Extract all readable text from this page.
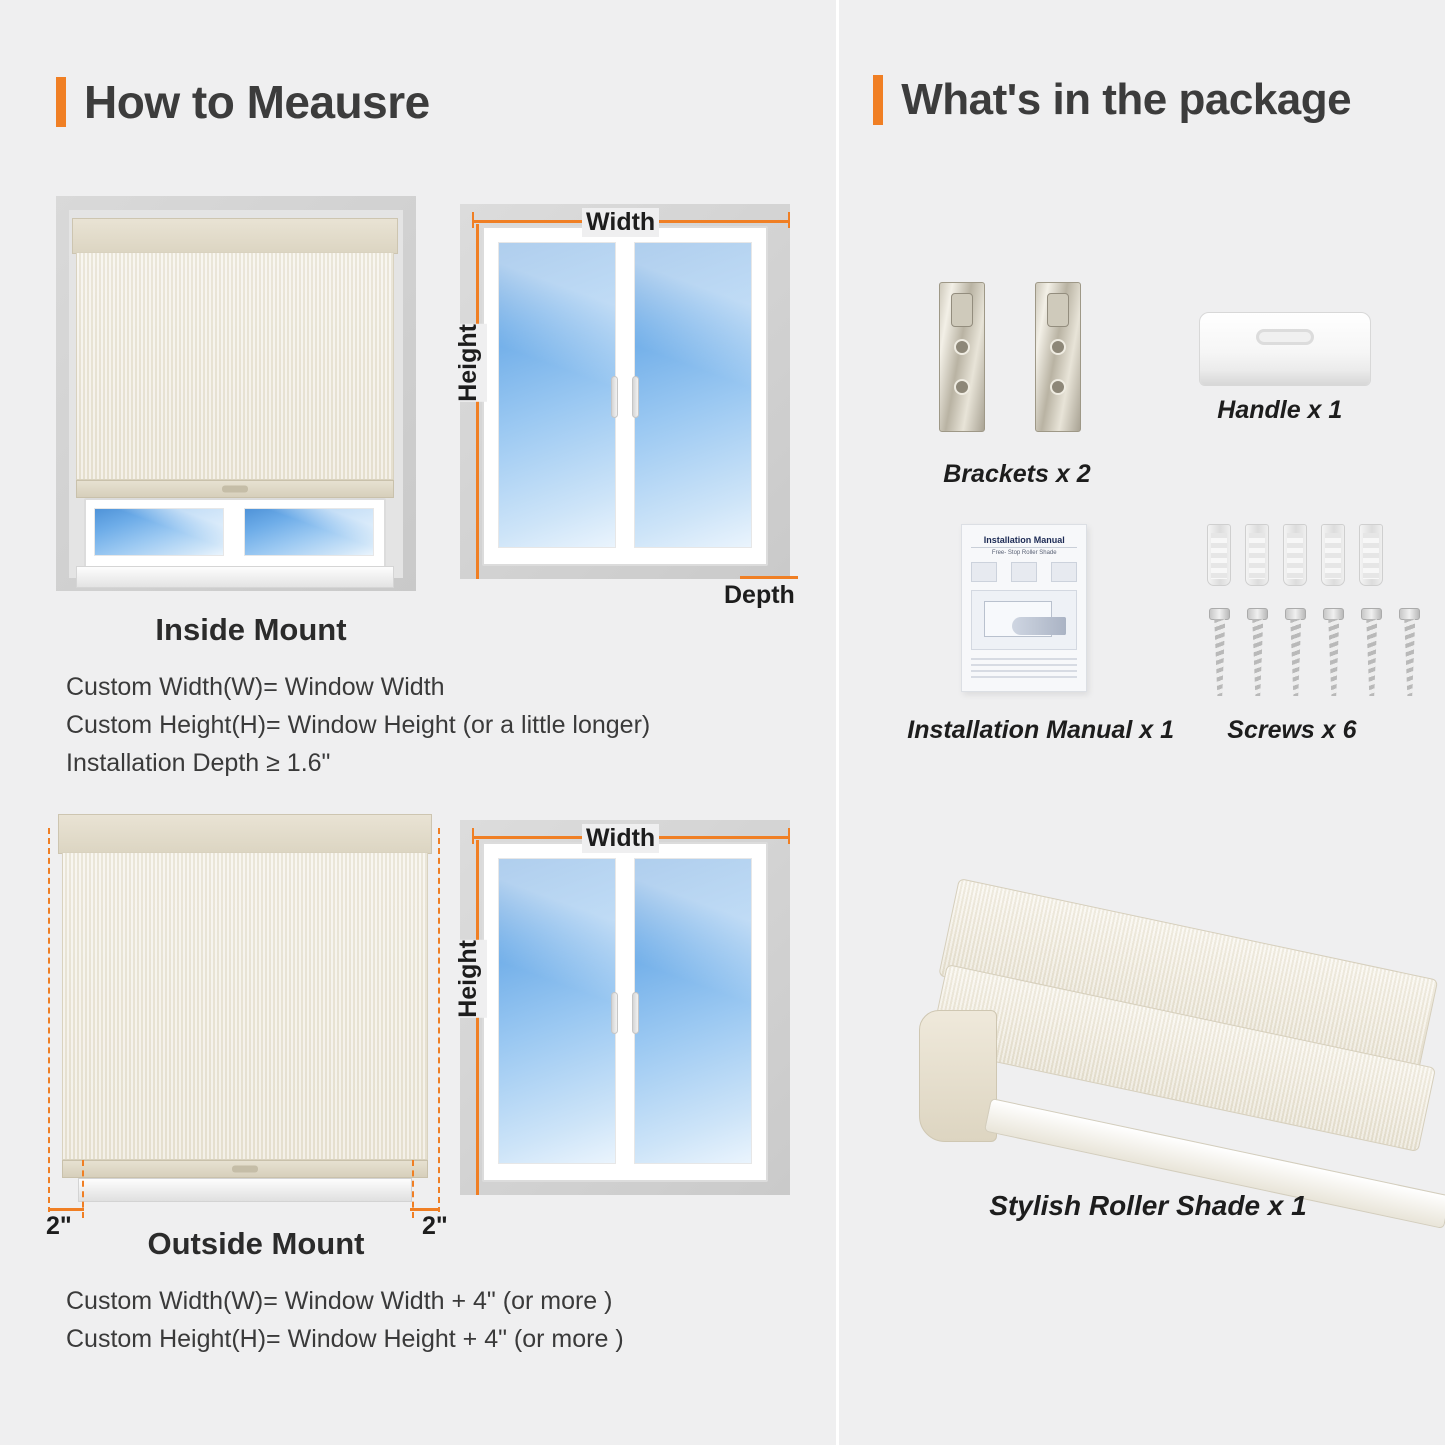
How to Meausre
Width
Height
Depth
Inside Mount
Custom Width(W)= Window Width
Custom Height(H)= Window Height (or a little longer)
Installation Depth ≥ 1.6"
2"	2"
Width
Height
Outside Mount
Custom Width(W)= Window Width + 4" (or more )
Custom Height(H)= Window Height + 4" (or more )
What's in the package
Brackets x 2
Handle x 1
Installation Manual
Free- Stop Roller Shade
Installation Manual x 1 Screws x 6
Stylish Roller Shade x 1
